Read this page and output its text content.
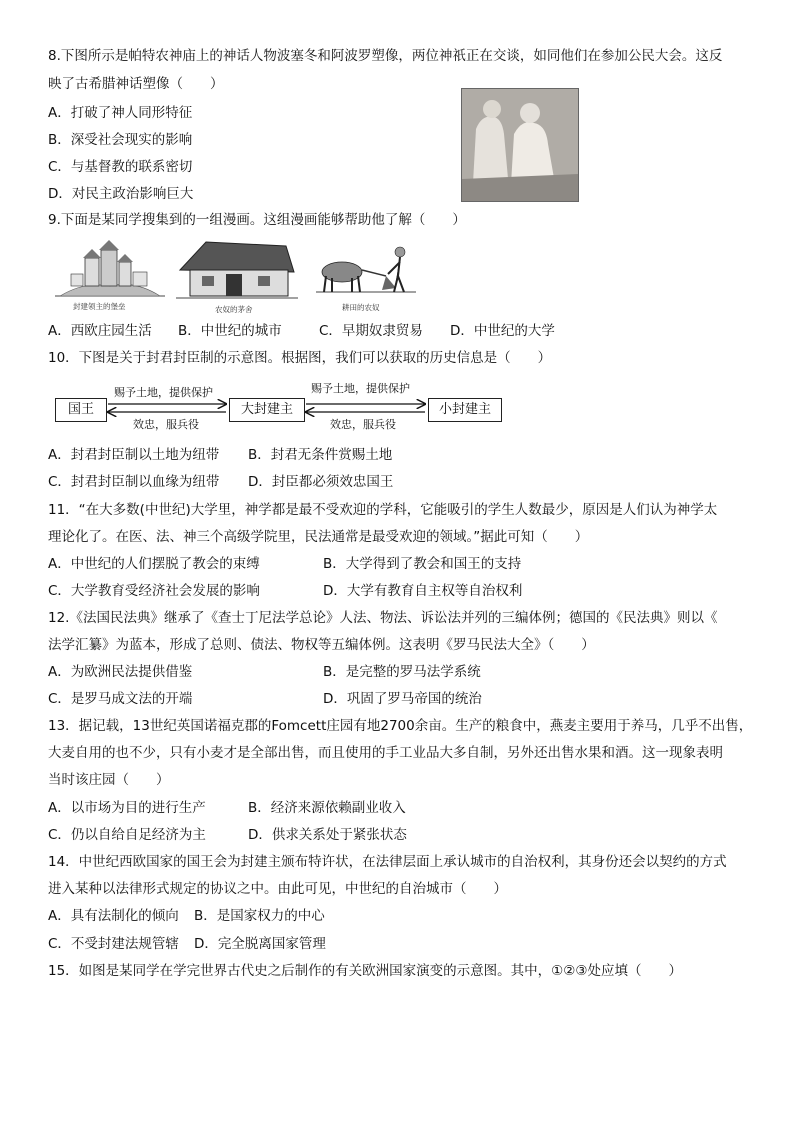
8.下图所示是帕特农神庙上的神话人物波塞冬和阿波罗塑像，两位神祇正在交谈，如同他们在参加公民大会。这反
映了古希腊神话塑像（　　）
A．打破了神人同形特征
B．深受社会现实的影响
C．与基督教的联系密切
D．对民主政治影响巨大
9.下面是某同学搜集到的一组漫画。这组漫画能够帮助他了解（　　）
封建领主的堡垒	农奴的茅舍	耕田的农奴
A．西欧庄园生活 B．中世纪的城市	C．早期奴隶贸易 D．中世纪的大学
10．下图是关于封君封臣制的示意图。根据图，我们可以获取的历史信息是（　　）
国王	大封建主	小封建主
赐予土地，提供保护	赐予土地，提供保护
效忠，服兵役	效忠，服兵役
A．封君封臣制以土地为纽带 B．封君无条件赏赐土地
C．封君封臣制以血缘为纽带 D．封臣都必须效忠国王
11．“在大多数(中世纪)大学里，神学都是最不受欢迎的学科，它能吸引的学生人数最少，原因是人们认为神学太
理论化了。在医、法、神三个高级学院里，民法通常是最受欢迎的领域。”据此可知（　　）
A．中世纪的人们摆脱了教会的束缚	B．大学得到了教会和国王的支持
C．大学教育受经济社会发展的影响	D．大学有教育自主权等自治权利
12.《法国民法典》继承了《查士丁尼法学总论》人法、物法、诉讼法并列的三编体例；德国的《民法典》则以《
法学汇纂》为蓝本，形成了总则、债法、物权等五编体例。这表明《罗马民法大全》（　　）
A．为欧洲民法提供借鉴	B．是完整的罗马法学系统
C．是罗马成文法的开端	D．巩固了罗马帝国的统治
13．据记载，13世纪英国诺福克郡的Fomcett庄园有地2700余亩。生产的粮食中，燕麦主要用于养马，几乎不出售，
大麦自用的也不少，只有小麦才是全部出售，而且使用的手工业品大多自制，另外还出售水果和酒。这一现象表明
当时该庄园（　　）
A．以市场为目的进行生产	B．经济来源依赖副业收入
C．仍以自给自足经济为主	D．供求关系处于紧张状态
14．中世纪西欧国家的国王会为封建主颁布特许状，在法律层面上承认城市的自治权利，其身份还会以契约的方式
进入某种以法律形式规定的协议之中。由此可见，中世纪的自治城市（　　）
A．具有法制化的倾向 B．是国家权力的中心
C．不受封建法规管辖 D．完全脱离国家管理
15．如图是某同学在学完世界古代史之后制作的有关欧洲国家演变的示意图。其中，①②③处应填（　　）
